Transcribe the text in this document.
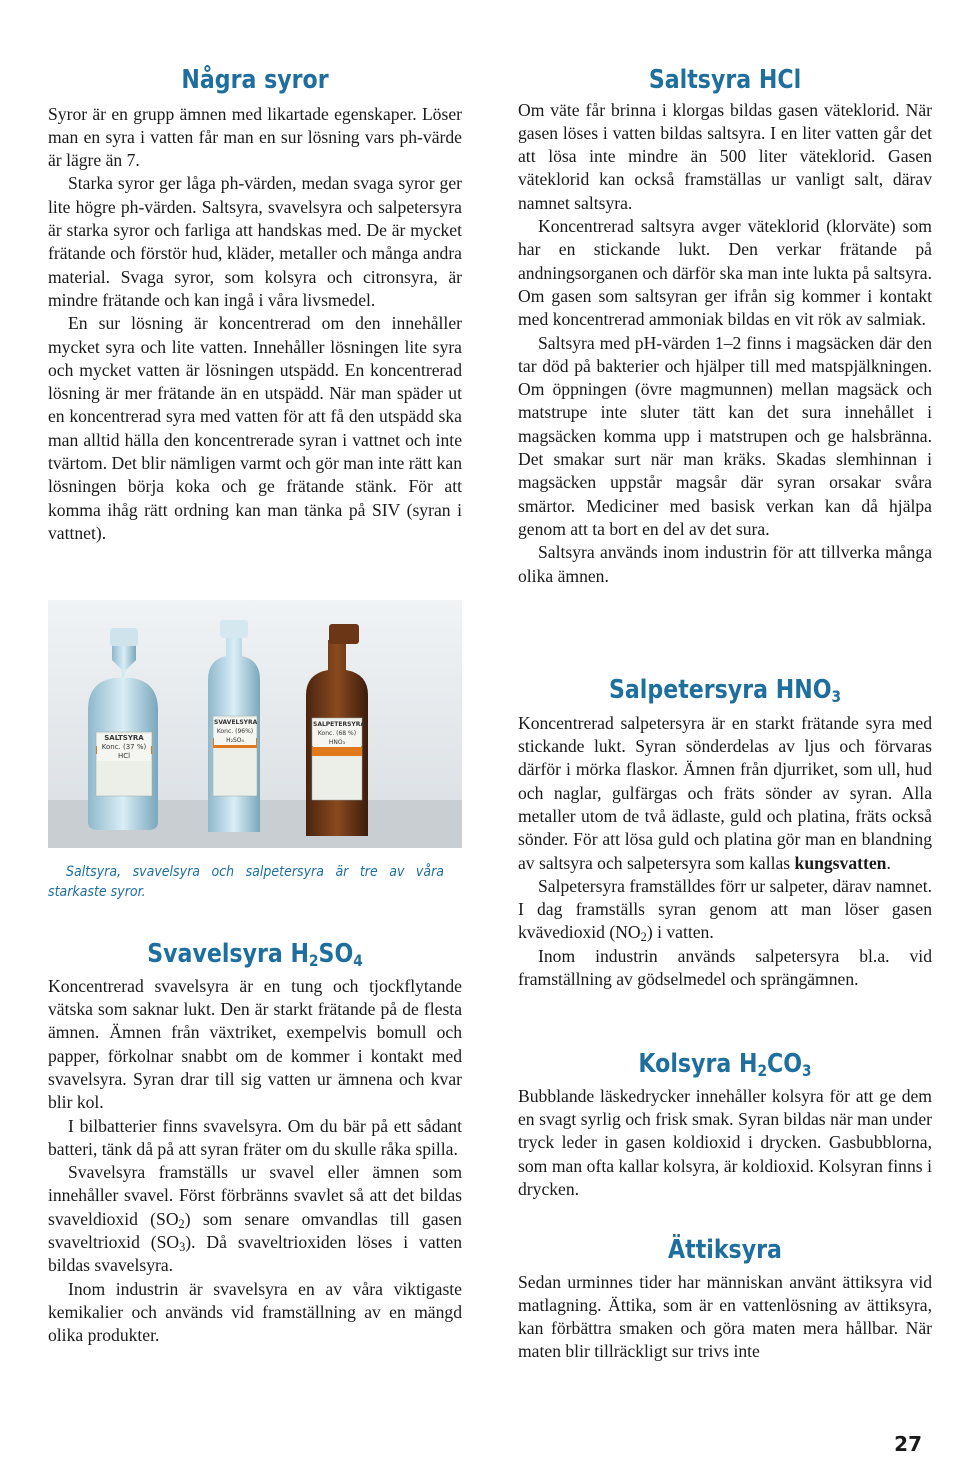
Några syror

Syror är en grupp ämnen med likartade egenskaper. Löser man en syra i vatten får man en sur lösning vars ph-värde är lägre än 7.

Starka syror ger låga ph-värden, medan svaga syror ger lite högre ph-värden. Saltsyra, svavelsyra och salpetersyra är starka syror och farliga att handskas med. De är mycket frätande och förstör hud, kläder, metaller och många andra material. Svaga syror, som kolsyra och citronsyra, är mindre frätande och kan ingå i våra livsmedel.

En sur lösning är koncentrerad om den innehåller mycket syra och lite vatten. Innehåller lösningen lite syra och mycket vatten är lösningen utspädd. En koncentrerad lösning är mer frätande än en utspädd. När man späder ut en koncentrerad syra med vatten för att få den utspädd ska man alltid hälla den koncentrerade syran i vattnet och inte tvärtom. Det blir nämligen varmt och gör man inte rätt kan lösningen börja koka och ge frätande stänk. För att komma ihåg rätt ordning kan man tänka på SIV (syran i vattnet).

SALTSYRA
Konc. (37 %)
HCl
SVAVELSYRA
Konc. (96%)
H₂SO₄
SALPETERSYRA
Konc. (68 %)
HNO₃

Saltsyra, svavelsyra och salpetersyra är tre av våra starkaste syror.

Svavelsyra $H_2SO_4$

Koncentrerad svavelsyra är en tung och tjockflytande vätska som saknar lukt. Den är starkt frätande på de flesta ämnen. Ämnen från växtriket, exempelvis bomull och papper, förkolnar snabbt om de kommer i kontakt med svavelsyra. Syran drar till sig vatten ur ämnena och kvar blir kol.

I bilbatterier finns svavelsyra. Om du bär på ett sådant batteri, tänk då på att syran fräter om du skulle råka spilla.

Svavelsyra framställs ur svavel eller ämnen som innehåller svavel. Först förbränns svavlet så att det bildas svaveldioxid $(SO_2)$ som senare omvandlas till gasen svaveltrioxid $(SO_3)$. Då svaveltrioxiden löses i vatten bildas svavelsyra.

Inom industrin är svavelsyra en av våra viktigaste kemikalier och används vid framställning av en mängd olika produkter.

Saltsyra HCl

Om väte får brinna i klorgas bildas gasen väteklorid. När gasen löses i vatten bildas saltsyra. I en liter vatten går det att lösa inte mindre än 500 liter väteklorid. Gasen väteklorid kan också framställas ur vanligt salt, därav namnet saltsyra.

Koncentrerad saltsyra avger väteklorid (klorväte) som har en stickande lukt. Den verkar frätande på andningsorganen och därför ska man inte lukta på saltsyra. Om gasen som saltsyran ger ifrån sig kommer i kontakt med koncentrerad ammoniak bildas en vit rök av salmiak.

Saltsyra med pH-värden 1–2 finns i magsäcken där den tar död på bakterier och hjälper till med matspjälkningen. Om öppningen (övre magmunnen) mellan magsäck och matstrupe inte sluter tätt kan det sura innehållet i magsäcken komma upp i matstrupen och ge halsbränna. Det smakar surt när man kräks. Skadas slemhinnan i magsäcken uppstår magsår där syran orsakar svåra smärtor. Mediciner med basisk verkan kan då hjälpa genom att ta bort en del av det sura.

Saltsyra används inom industrin för att tillverka många olika ämnen.

Salpetersyra $HNO_3$

Koncentrerad salpetersyra är en starkt frätande syra med stickande lukt. Syran sönderdelas av ljus och förvaras därför i mörka flaskor. Ämnen från djurriket, som ull, hud och naglar, gulfärgas och fräts sönder av syran. Alla metaller utom de två ädlaste, guld och platina, fräts också sönder. För att lösa guld och platina gör man en blandning av saltsyra och salpetersyra som kallas kungsvatten.

Salpetersyra framställdes förr ur salpeter, därav namnet. I dag framställs syran genom att man löser gasen kvävedioxid $(NO_2)$ i vatten.

Inom industrin används salpetersyra bl.a. vid framställning av gödselmedel och sprängämnen.

Kolsyra $H_2CO_3$

Bubblande läskedrycker innehåller kolsyra för att ge dem en svagt syrlig och frisk smak. Syran bildas när man under tryck leder in gasen koldioxid i drycken. Gasbubblorna, som man ofta kallar kolsyra, är koldioxid. Kolsyran finns i drycken.

Ättiksyra

Sedan urminnes tider har människan använt ättiksyra vid matlagning. Ättika, som är en vattenlösning av ättiksyra, kan förbättra smaken och göra maten mera hållbar. När maten blir tillräckligt sur trivs inte

27
